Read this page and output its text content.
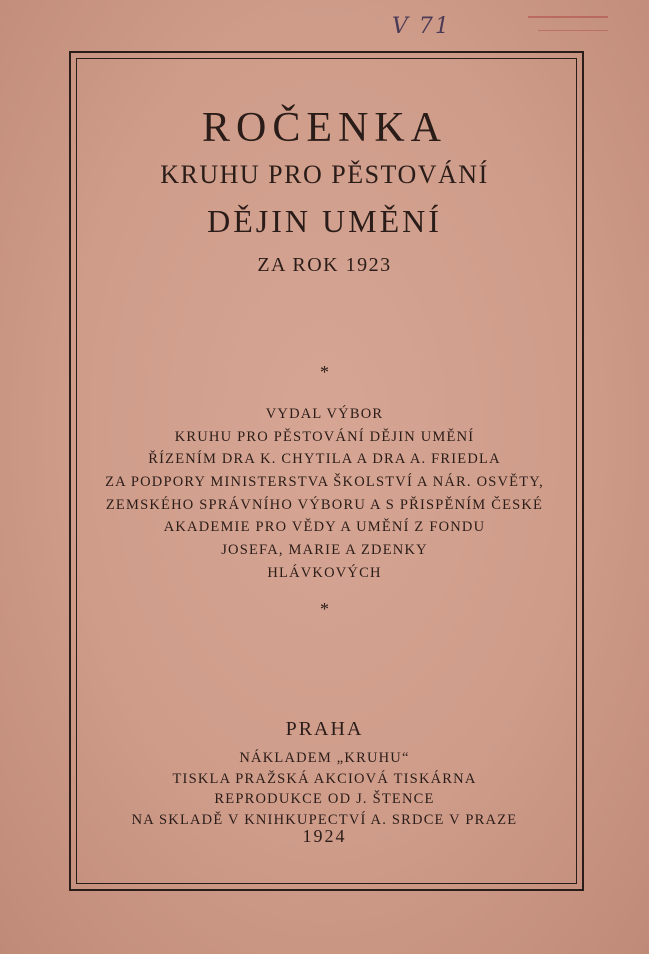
V 71
ROČENKA
KRUHU PRO PĚSTOVÁNÍ
DĚJIN UMĚNÍ
ZA ROK 1923
*
VYDAL VÝBOR
KRUHU PRO PĚSTOVÁNÍ DĚJIN UMĚNÍ
ŘÍZENÍM DRA K. CHYTILA A DRA A. FRIEDLA
ZA PODPORY MINISTERSTVA ŠKOLSTVÍ A NÁR. OSVĚTY,
ZEMSKÉHO SPRÁVNÍHO VÝBORU A S PŘISPĚNÍM ČESKÉ
AKADEMIE PRO VĚDY A UMĚNÍ Z FONDU
JOSEFA, MARIE A ZDENKY
HLÁVKOVÝCH
*
PRAHA
NÁKLADEM „KRUHU“
TISKLA PRAŽSKÁ AKCIOVÁ TISKÁRNA
REPRODUKCE OD J. ŠTENCE
NA SKLADĚ V KNIHKUPECTVÍ A. SRDCE V PRAZE
1924
